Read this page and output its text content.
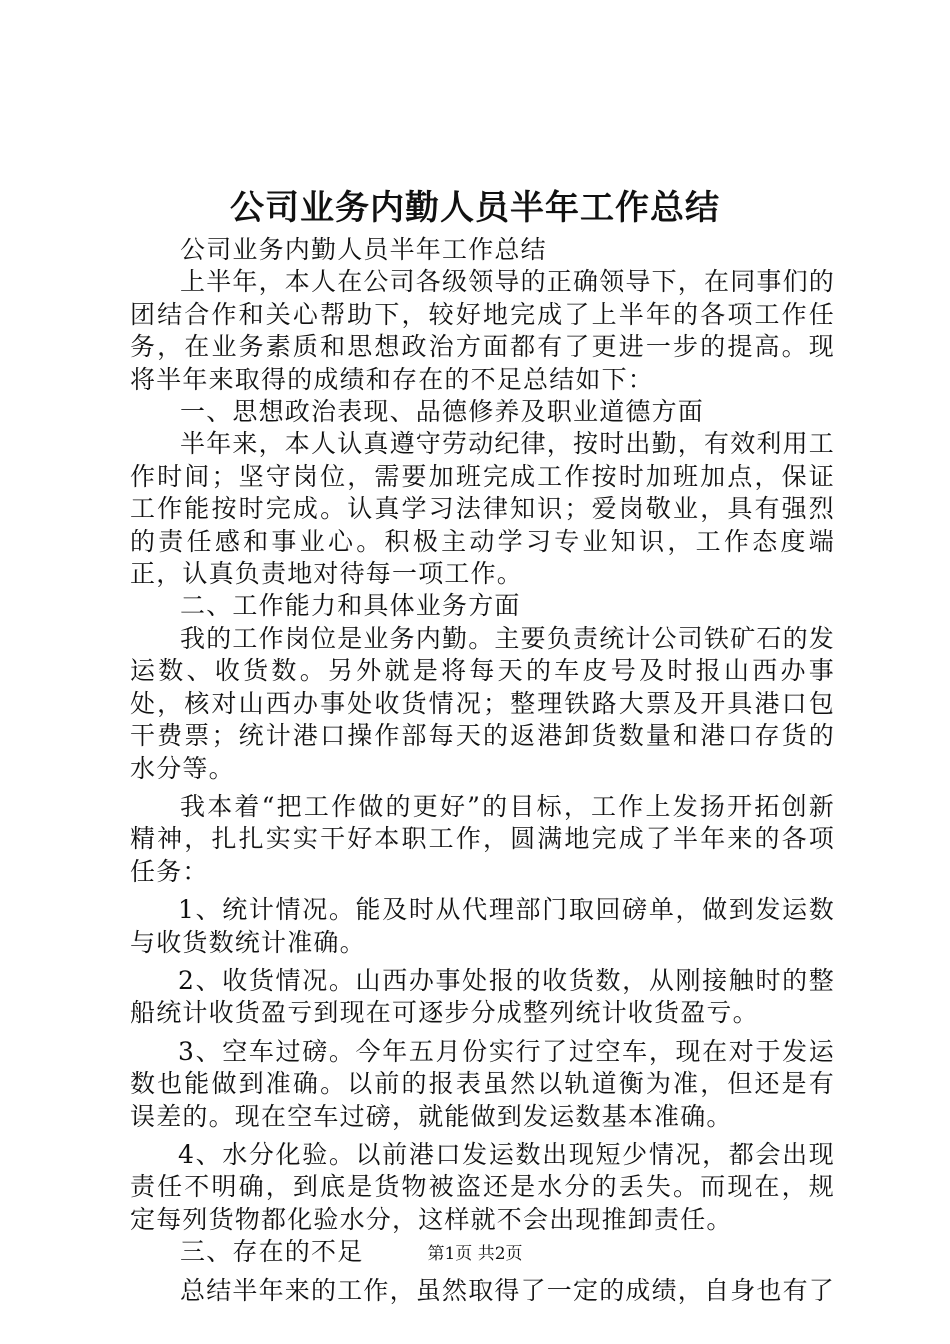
公司业务内勤人员半年工作总结

公司业务内勤人员半年工作总结

上半年，本人在公司各级领导的正确领导下，在同事们的团结合作和关心帮助下，较好地完成了上半年的各项工作任务，在业务素质和思想政治方面都有了更进一步的提高。现将半年来取得的成绩和存在的不足总结如下：

一、思想政治表现、品德修养及职业道德方面

半年来，本人认真遵守劳动纪律，按时出勤，有效利用工作时间；坚守岗位，需要加班完成工作按时加班加点，保证工作能按时完成。认真学习法律知识；爱岗敬业，具有强烈的责任感和事业心。积极主动学习专业知识，工作态度端正，认真负责地对待每一项工作。

二、工作能力和具体业务方面

我的工作岗位是业务内勤。主要负责统计公司铁矿石的发运数、收货数。另外就是将每天的车皮号及时报山西办事处，核对山西办事处收货情况；整理铁路大票及开具港口包干费票；统计港口操作部每天的返港卸货数量和港口存货的水分等。

我本着“把工作做的更好”的目标，工作上发扬开拓创新精神，扎扎实实干好本职工作，圆满地完成了半年来的各项任务：

1、统计情况。能及时从代理部门取回磅单，做到发运数与收货数统计准确。

2、收货情况。山西办事处报的收货数，从刚接触时的整船统计收货盈亏到现在可逐步分成整列统计收货盈亏。

3、空车过磅。今年五月份实行了过空车，现在对于发运数也能做到准确。以前的报表虽然以轨道衡为准，但还是有误差的。现在空车过磅，就能做到发运数基本准确。

4、水分化验。以前港口发运数出现短少情况，都会出现责任不明确，到底是货物被盗还是水分的丢失。而现在，规定每列货物都化验水分，这样就不会出现推卸责任。

三、存在的不足

总结半年来的工作，虽然取得了一定的成绩，自身也有了

第1页 共2页
